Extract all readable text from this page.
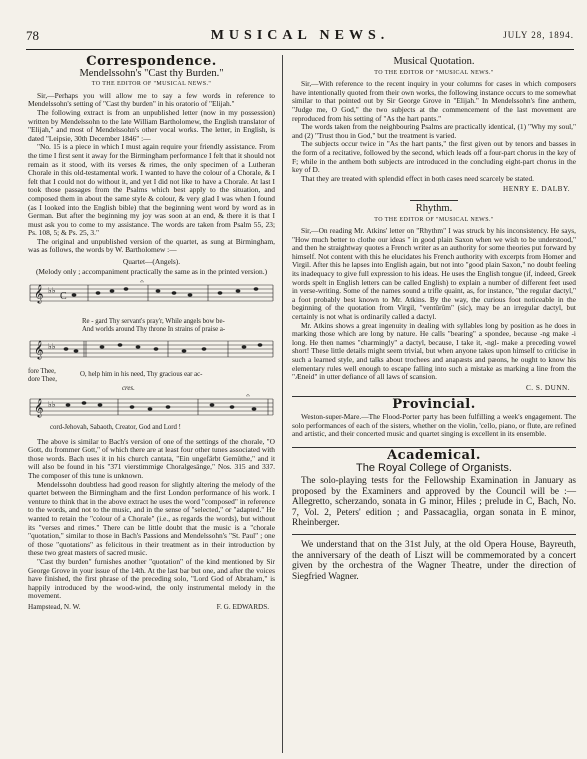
78	MUSICAL NEWS.	JULY 28, 1894.
Correspondence.
Mendelssohn's "Cast thy Burden."
TO THE EDITOR OF "MUSICAL NEWS."

Sir,—Perhaps you will allow me to say a few words in reference to Mendelssohn's setting of "Cast thy burden" in his oratorio of "Elijah."

The following extract is from an unpublished letter (now in my possession) written by Mendelssohn to the late William Bartholomew, the English translator of "Elijah," and most of Mendelssohn's other vocal works. The letter, in English, is dated "Leipsie, 30th December 1846" :—

"No. 15 is a piece in which I must again require your friendly assistance. From the time I first sent it away for the Birmingham performance I felt that it should not remain as it stood, with its verses & rimes, the only specimen of a Lutheran Chorale in this old-testamental work. I wanted to have the colour of a Chorale, & I felt that I could not do without it, and yet I did not like to have a Chorale. At last I took those passages from the Psalms which best apply to the situation, and composed them in about the same style & colour, & very glad I was when I found (as I looked into the English bible) that the beginning went word by word as in German. But after the beginning my joy was soon at an end, & there it is that I must ask you to come to my assistance. The words are taken from Psalm 55, 23; Ps. 108, 5; & Ps. 25, 3."

The original and unpublished version of the quartet, as sung at Birmingham, was as follows, the words by W. Bartholomew :—

Quartet—(Angels).
(Melody only ; accompaniment practically the same as in the printed version.)
𝄞 ♭♭
C
𝄐
Re - gard Thy servant's pray'r, While angels bow be-
And worlds around Thy throne In strains of praise a-
𝄞 ♭♭
fore Thee,
dore Thee,
O, help him in his need, Thy gracious ear ac-
cres.
𝄞 ♭♭
𝄐
cord-Jehovah, Sabaoth, Creator, God and Lord !

The above is similar to Bach's version of one of the settings of the chorale, "O Gott, du frommer Gott," of which there are at least four other tunes associated with those words. Bach uses it in his church cantata, "Ein ungefärbt Gemüthe," and it will also be found in his "371 vierstimmige Choralgesänge," Nos. 315 and 337. The composer of this tune is unknown.

Mendelssohn doubtless had good reason for slightly altering the melody of the quartet between the Birmingham and the first London performance of his work. I venture to think that in the above extract he uses the word "composed" in reference to the words, and not to the music, and in the sense of "selected," or "adapted." He wanted to retain the "colour of a Chorale" (i.e., as regards the words), but without its "verses and rimes." There can be little doubt that the music is a "chorale "quotation," similar to those in Bach's Passions and Mendelssohn's "St. Paul" ; one of those "quotations" as felicitous in their treatment as in their introduction by these two great masters of sacred music.

"Cast thy burden" furnishes another "quotation" of the kind mentioned by Sir George Grove in your issue of the 14th. At the last bar but one, and after the voices have finished, the first phrase of the preceding solo, "Lord God of Abraham," is happily introduced by the wood-wind, the only instrumental melody in the movement.

Hampstead, N. W.	F. G. EDWARDS.
Musical Quotation.
TO THE EDITOR OF "MUSICAL NEWS."

Sir,—With reference to the recent inquiry in your columns for cases in which composers have intentionally quoted from their own works, the following instance occurs to me somewhat similar to that pointed out by Sir George Grove in "Elijah." In Mendelssohn's fine anthem, "Judge me, O God," the two subjects at the commencement of the last movement are reproduced from his setting of "As the hart pants."

The words taken from the neighbouring Psalms are practically identical, (1) "Why my soul," and (2) "Trust thou in God," but the treatment is varied.

The subjects occur twice in "As the hart pants," the first given out by tenors and basses in the form of a recitative, followed by the second, which leads off a four-part chorus in the key of F; while in the anthem both subjects are introduced in the concluding eight-part chorus in the key of D.

That they are treated with splendid effect in both cases need scarcely be stated.

HENRY E. DALBY.
Rhythm.
TO THE EDITOR OF "MUSICAL NEWS."

Sir,—On reading Mr. Atkins' letter on "Rhythm" I was struck by his inconsistency. He says, "How much better to clothe our ideas " in good plain Saxon when we wish to be understood," and then he straightway quotes a French writer as an authority for some theories put forward by himself. Not content with this he elucidates his French authority with excerpts from Homer and Virgil. After this he lapses into English again, but not into "good plain Saxon," no doubt feeling its inadequacy to give full expression to his ideas. He uses the English tongue (if, indeed, Greek words spelt in English letters can be called English) to explain a number of different feet used in verse-writing. Some of the names sound a trifle quaint, as, for instance, "the regular dactyl," a foot probably best known to Mr. Atkins. By the way, the curious foot noticeable in the beginning of the quotation from Virgil, "ventûrûm" (sic), may be an irregular dactyl, but certainly is not what is ordinarily called a dactyl.

Mr. Atkins shows a great ingenuity in dealing with syllables long by position as he does in marking those which are long by nature. He calls "bearing" a spondee, because -ng make -i long. He then names "charmingly" a dactyl, because, I take it, -ngl- make a preceding vowel short! These little details might seem trivial, but when anyone takes upon himself to criticise in such a learned style, and talks about trochees and anapæsts and pæons, he ought to know his elementary rules well enough to escape falling into such a mistake as marking a line from the "Æneid" in utter defiance of all laws of scansion.

C. S. DUNN.
Provincial.

Weston-super-Mare.—The Flood-Porter party has been fulfilling a week's engagement. The solo performances of each of the sisters, whether on the violin, 'cello, piano, or flute, are refined and artistic, and their concerted music and quartet singing is excellent in its ensemble.

Academical.
The Royal College of Organists.

The solo-playing tests for the Fellowship Examination in January as proposed by the Examiners and approved by the Council will be :—Allegretto, scherzando, sonata in G minor, Hiles ; prelude in C, Bach, No. 7, Vol. 2, Peters' edition ; and Passacaglia, organ sonata in E minor, Rheinberger.

We understand that on the 31st July, at the old Opera House, Bayreuth, the anniversary of the death of Liszt will be commemorated by a concert given by the orchestra of the Wagner Theatre, under the direction of Siegfried Wagner.
